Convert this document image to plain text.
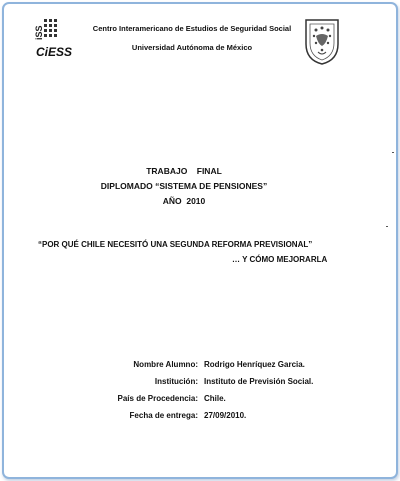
iSS
CiESS
Centro Interamericano de Estudios de Seguridad Social
Universidad Autónoma de México
TRABAJO    FINAL
DIPLOMADO “SISTEMA DE PENSIONES”
AÑO  2010
“POR QUÉ CHILE NECESITÓ UNA SEGUNDA REFORMA PREVISIONAL”
… Y CÓMO MEJORARLA
Nombre Alumno: Rodrigo Henríquez Garcia.
Institución: Instituto de Previsión Social.
País de Procedencia: Chile.
Fecha de entrega: 27/09/2010.
